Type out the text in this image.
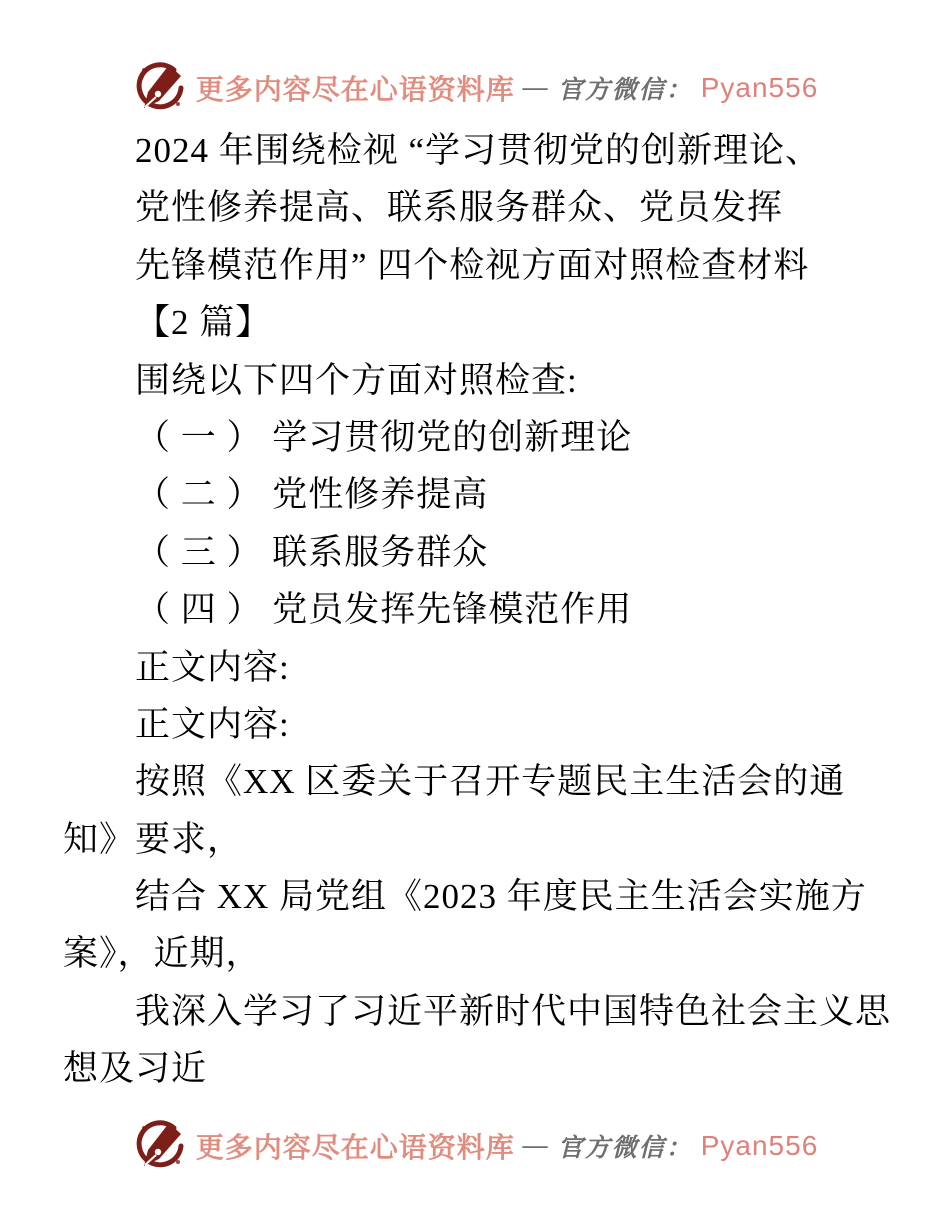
更多内容尽在心语资料库 — 官方微信： Pyan556
2024 年围绕检视 “学习贯彻党的创新理论、
党性修养提高、联系服务群众、党员发挥
先锋模范作用” 四个检视方面对照检查材料
【2 篇】
围绕以下四个方面对照检查:
（ 一 ） 学习贯彻党的创新理论
（ 二 ） 党性修养提高
（ 三 ） 联系服务群众
（ 四 ） 党员发挥先锋模范作用
正文内容:
正文内容:
按照《XX 区委关于召开专题民主生活会的通
知》要求，
结合 XX 局党组《2023 年度民主生活会实施方
案》，近期，
我深入学习了习近平新时代中国特色社会主义思
想及习近
更多内容尽在心语资料库 — 官方微信： Pyan556
